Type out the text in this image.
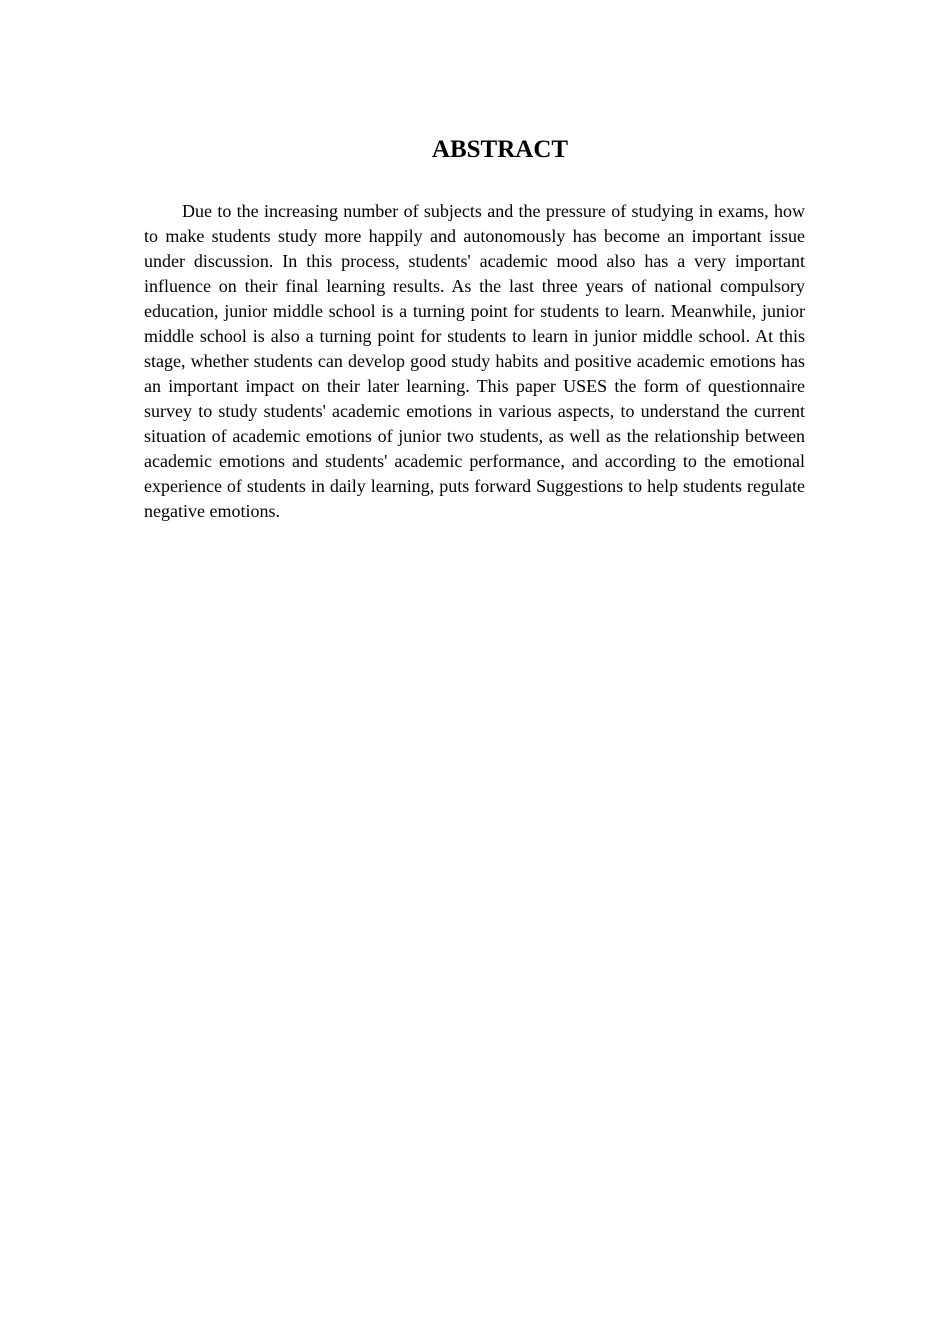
ABSTRACT

Due to the increasing number of subjects and the pressure of studying in exams, how to make students study more happily and autonomously has become an important issue under discussion. In this process, students' academic mood also has a very important influence on their final learning results. As the last three years of national compulsory education, junior middle school is a turning point for students to learn. Meanwhile, junior middle school is also a turning point for students to learn in junior middle school. At this stage, whether students can develop good study habits and positive academic emotions has an important impact on their later learning. This paper USES the form of questionnaire survey to study students' academic emotions in various aspects, to understand the current situation of academic emotions of junior two students, as well as the relationship between academic emotions and students' academic performance, and according to the emotional experience of students in daily learning, puts forward Suggestions to help students regulate negative emotions.
